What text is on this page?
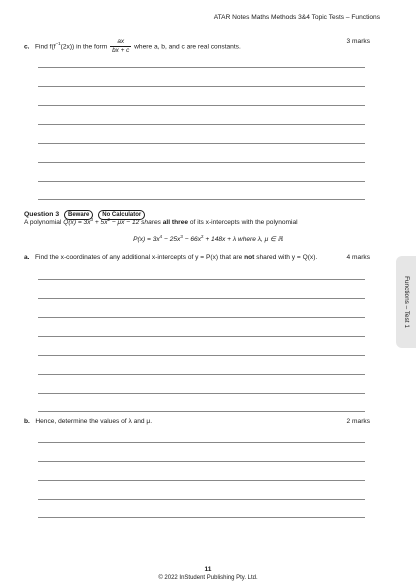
ATAR Notes Maths Methods 3&4 Topic Tests – Functions
c. Find $f(f^{-1}(2x))$ in the form $\frac{ax}{bx + c}$ where a, b, and c are real constants.
3 marks
Question 3 Beware No Calculator
A polynomial $Q(x) = 3x^3 + 5x^2 - \mu x - 12$ shares all three of its x-intercepts with the polynomial
$P(x) = 3x^4 - 25x^3 - 66x^2 + 148x + \lambda$ where λ, μ ∈ ℝ
a. Find the x-coordinates of any additional x-intercepts of y = P(x) that are not shared with y = Q(x).	4 marks
b. Hence, determine the values of λ and μ.	2 marks
Functions – Test 1
11
© 2022 InStudent Publishing Pty. Ltd.
